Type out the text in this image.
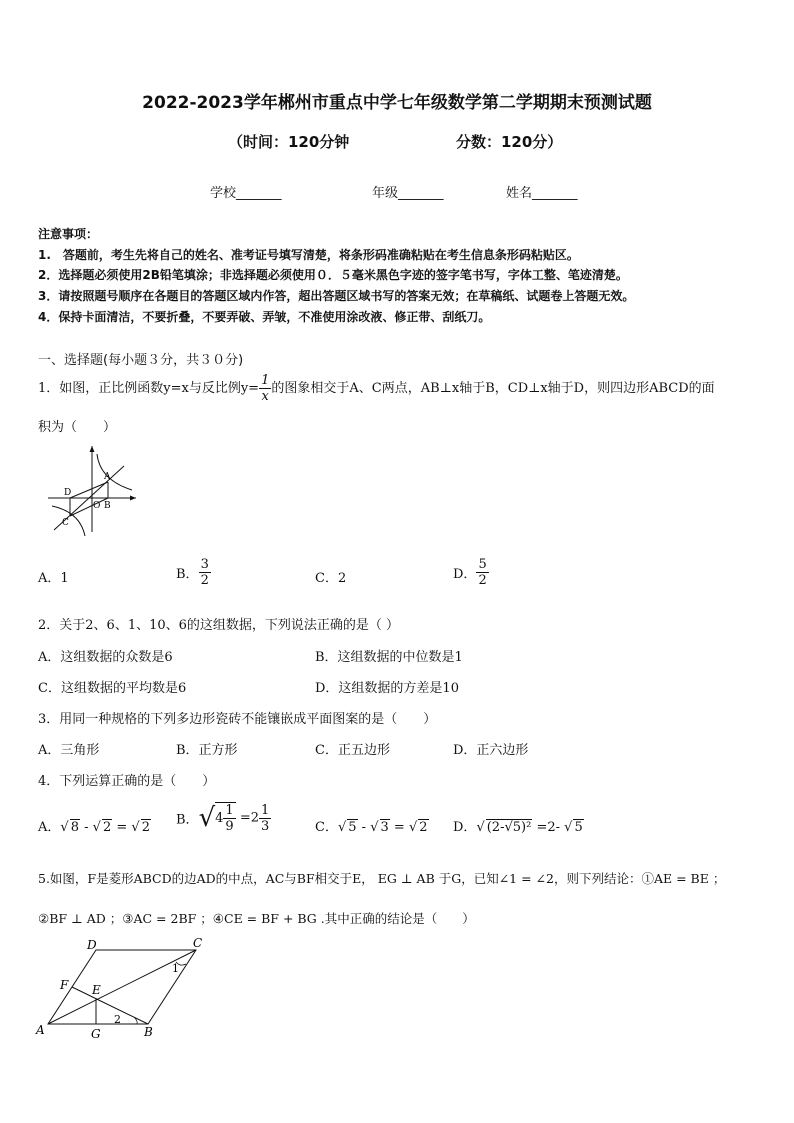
2022-2023学年郴州市重点中学七年级数学第二学期期末预测试题
（时间：120分钟	分数：120分）
学校_______	年级_______	姓名_______
注意事项：
1.　答题前，考生先将自己的姓名、准考证号填写清楚，将条形码准确粘贴在考生信息条形码粘贴区。
2．选择题必须使用2B铅笔填涂；非选择题必须使用０．５毫米黑色字迹的签字笔书写，字体工整、笔迹清楚。
3．请按照题号顺序在各题目的答题区域内作答，超出答题区域书写的答案无效；在草稿纸、试题卷上答题无效。
4．保持卡面清洁，不要折叠，不要弄破、弄皱，不准使用涂改液、修正带、刮纸刀。
一、选择题(每小题３分，共３０分)
1．如图，正比例函数y=x与反比例$y= \frac{1}{x}$ 的图象相交于A、C两点，AB⊥x轴于B，CD⊥x轴于D，则四边形ABCD的面
积为（　　）
A
B
C
D
O
A．1	B． $\frac{3}{2}$	C．2	D． $\frac{5}{2}$
2．关于2、6、1、10、6的这组数据，下列说法正确的是（ ）
A．这组数据的众数是6	B．这组数据的中位数是1
C．这组数据的平均数是6	D．这组数据的方差是10
3．用同一种规格的下列多边形瓷砖不能镶嵌成平面图案的是（　　）
A．三角形	B．正方形	C．正五边形	D．正六边形
4．下列运算正确的是（　　）
A．√ 8 - √ 2 = √ 2 B．$√4 \frac{1}{9} =2 \frac{1}{3}$	C．√ 5 - √ 3 = √ 2 D．√ (2-√5)² =2- √ 5
5.如图，F是菱形ABCD的边AD的中点，AC与BF相交于E， EG ⊥ AB 于G，已知∠1 = ∠2，则下列结论：①AE = BE ；
②BF ⊥ AD ；③AC = 2BF ；④CE = BF + BG .其中正确的结论是（　　）
A	B
C
D
E
F
G
1
2
